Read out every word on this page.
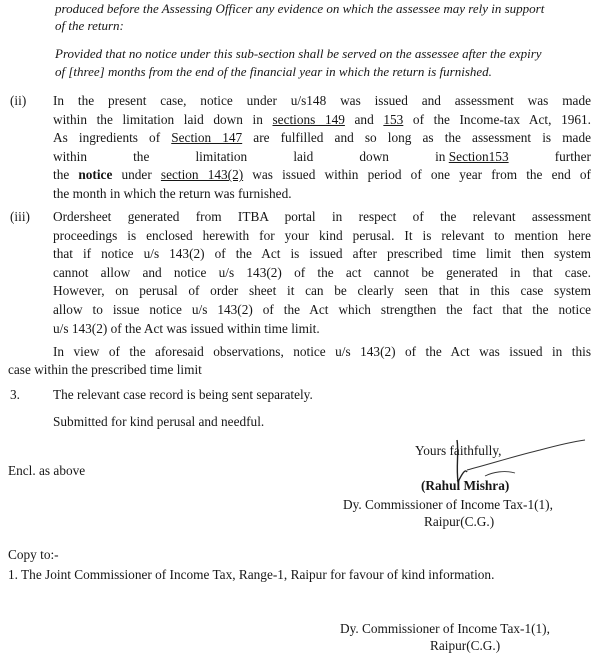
produced before the Assessing Officer any evidence on which the assessee may rely in support
of the return:
Provided that no notice under this sub-section shall be served on the assessee after the expiry
of [three] months from the end of the financial year in which the return is furnished.
(ii) In the present case, notice under u/s148 was issued and assessment was made
within the limitation laid down in sections 149 and 153 of the Income-tax Act, 1961.
As ingredients of Section 147 are fulfilled and so long as the assessment is made
within	the	limitation	laid	down	in Section153	further
the notice under section 143(2) was issued within period of one year from the end of
the month in which the return was furnished.
(iii) Ordersheet generated from ITBA portal in respect of the relevant assessment
proceedings is enclosed herewith for your kind perusal. It is relevant to mention here
that if notice u/s 143(2) of the Act is issued after prescribed time limit then system
cannot allow and notice u/s 143(2) of the act cannot be generated in that case.
However, on perusal of order sheet it can be clearly seen that in this case system
allow to issue notice u/s 143(2) of the Act which strengthen the fact that the notice
u/s 143(2) of the Act was issued within time limit.
In view of the aforesaid observations, notice u/s 143(2) of the Act was issued in this
case within the prescribed time limit
3. The relevant case record is being sent separately.
Submitted for kind perusal and needful.
Yours faithfully,
(Rahul Mishra)
Dy. Commissioner of Income Tax-1(1),
Raipur(C.G.)
Encl. as above
Copy to:-
1. The Joint Commissioner of Income Tax, Range-1, Raipur for favour of kind information.
Dy. Commissioner of Income Tax-1(1),
Raipur(C.G.)
